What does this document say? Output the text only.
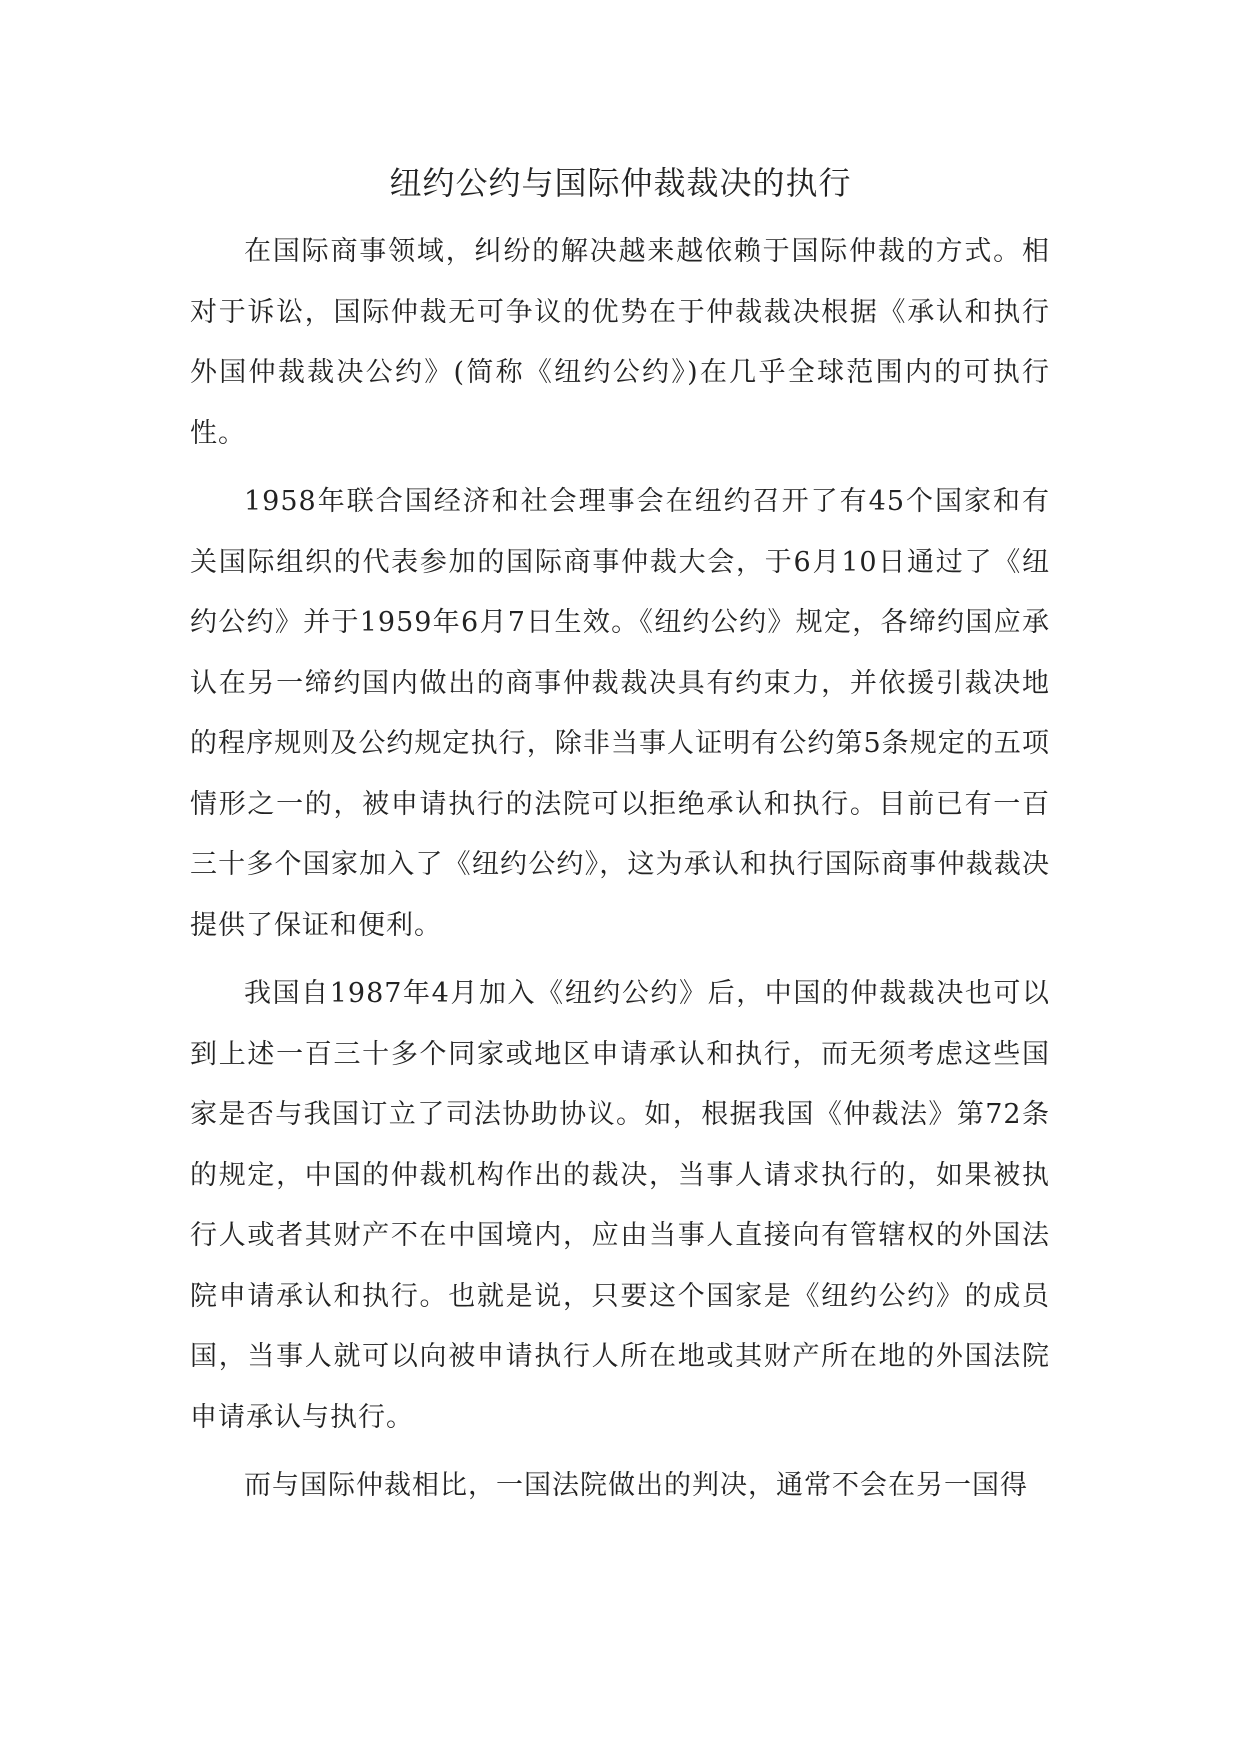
纽约公约与国际仲裁裁决的执行

在国际商事领域，纠纷的解决越来越依赖于国际仲裁的方式。相对于诉讼，国际仲裁无可争议的优势在于仲裁裁决根据《承认和执行外国仲裁裁决公约》(简称《纽约公约》)在几乎全球范围内的可执行性。

1958年联合国经济和社会理事会在纽约召开了有45个国家和有关国际组织的代表参加的国际商事仲裁大会，于6月10日通过了《纽约公约》并于1959年6月7日生效。《纽约公约》规定，各缔约国应承认在另一缔约国内做出的商事仲裁裁决具有约束力，并依援引裁决地的程序规则及公约规定执行，除非当事人证明有公约第5条规定的五项情形之一的，被申请执行的法院可以拒绝承认和执行。目前已有一百三十多个国家加入了《纽约公约》，这为承认和执行国际商事仲裁裁决提供了保证和便利。

我国自1987年4月加入《纽约公约》后，中国的仲裁裁决也可以到上述一百三十多个同家或地区申请承认和执行，而无须考虑这些国家是否与我国订立了司法协助协议。如，根据我国《仲裁法》第72条的规定，中国的仲裁机构作出的裁决，当事人请求执行的，如果被执行人或者其财产不在中国境内，应由当事人直接向有管辖权的外国法院申请承认和执行。也就是说，只要这个国家是《纽约公约》的成员国，当事人就可以向被申请执行人所在地或其财产所在地的外国法院申请承认与执行。

而与国际仲裁相比，一国法院做出的判决，通常不会在另一国得
